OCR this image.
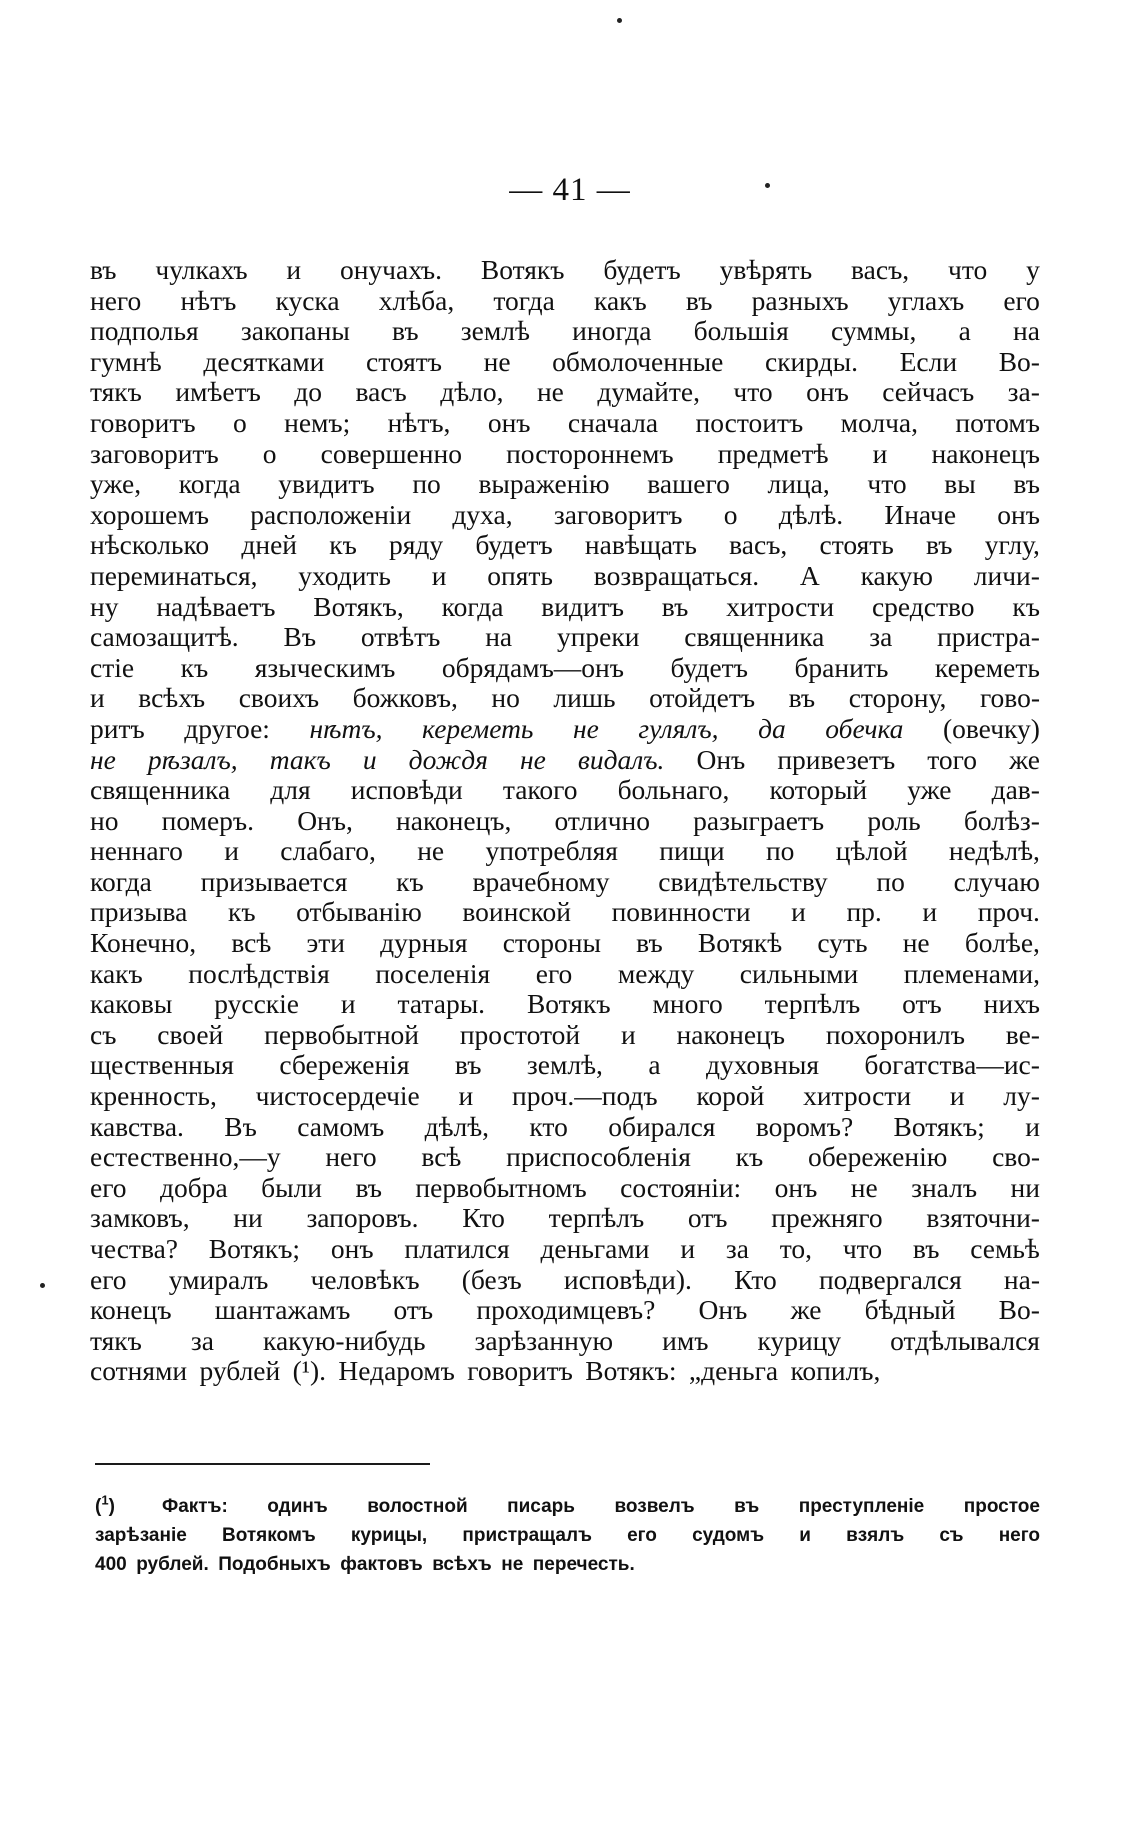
— 41 —
въ чулкахъ и онучахъ. Вотякъ будетъ увѣрять васъ, что у
него нѣтъ куска хлѣба, тогда какъ въ разныхъ углахъ его
подполья закопаны въ землѣ иногда большія суммы, а на
гумнѣ десятками стоятъ не обмолоченные скирды. Если Во-
тякъ имѣетъ до васъ дѣло, не думайте, что онъ сейчасъ за-
говоритъ о немъ; нѣтъ, онъ сначала постоитъ молча, потомъ
заговоритъ о совершенно постороннемъ предметѣ и наконецъ
уже, когда увидитъ по выраженію вашего лица, что вы въ
хорошемъ расположеніи духа, заговоритъ о дѣлѣ. Иначе онъ
нѣсколько дней къ ряду будетъ навѣщать васъ, стоять въ углу,
переминаться, уходить и опять возвращаться. А какую личи-
ну надѣваетъ Вотякъ, когда видитъ въ хитрости средство къ
самозащитѣ. Въ отвѣтъ на упреки священника за пристра-
стіе къ языческимъ обрядамъ—онъ будетъ бранить кереметь
и всѣхъ своихъ божковъ, но лишь отойдетъ въ сторону, гово-
ритъ другое: нѣтъ, кереметь не гулялъ, да обечка (овечку)
не рѣзалъ, такъ и дождя не видалъ. Онъ привезетъ того же
священника для исповѣди такого больнаго, который уже дав-
но померъ. Онъ, наконецъ, отлично разыграетъ роль болѣз-
неннаго и слабаго, не употребляя пищи по цѣлой недѣлѣ,
когда призывается къ врачебному свидѣтельству по случаю
призыва къ отбыванію воинской повинности и пр. и проч.
Конечно, всѣ эти дурныя стороны въ Вотякѣ суть не болѣе,
какъ послѣдствія поселенія его между сильными племенами,
каковы русскіе и татары. Вотякъ много терпѣлъ отъ нихъ
съ своей первобытной простотой и наконецъ похоронилъ ве-
щественныя сбереженія въ землѣ, а духовныя богатства—ис-
кренность, чистосердечіе и проч.—подъ корой хитрости и лу-
кавства. Въ самомъ дѣлѣ, кто обирался воромъ? Вотякъ; и
естественно,—у него всѣ приспособленія къ обереженію сво-
его добра были въ первобытномъ состояніи: онъ не зналъ ни
замковъ, ни запоровъ. Кто терпѣлъ отъ прежняго взяточни-
чества? Вотякъ; онъ платился деньгами и за то, что въ семьѣ
его умиралъ человѣкъ (безъ исповѣди). Кто подвергался на-
конецъ шантажамъ отъ проходимцевъ? Онъ же бѣдный Во-
тякъ за какую-нибудь зарѣзанную имъ курицу отдѣлывался
сотнями рублей (¹). Недаромъ говоритъ Вотякъ: „деньга копилъ,
($^1$)	Фактъ: одинъ волостной писарь возвелъ въ преступленіе простое
зарѣзаніе Вотякомъ курицы, пристращалъ его судомъ и взялъ съ него
400 рублей. Подобныхъ фактовъ всѣхъ не перечесть.
